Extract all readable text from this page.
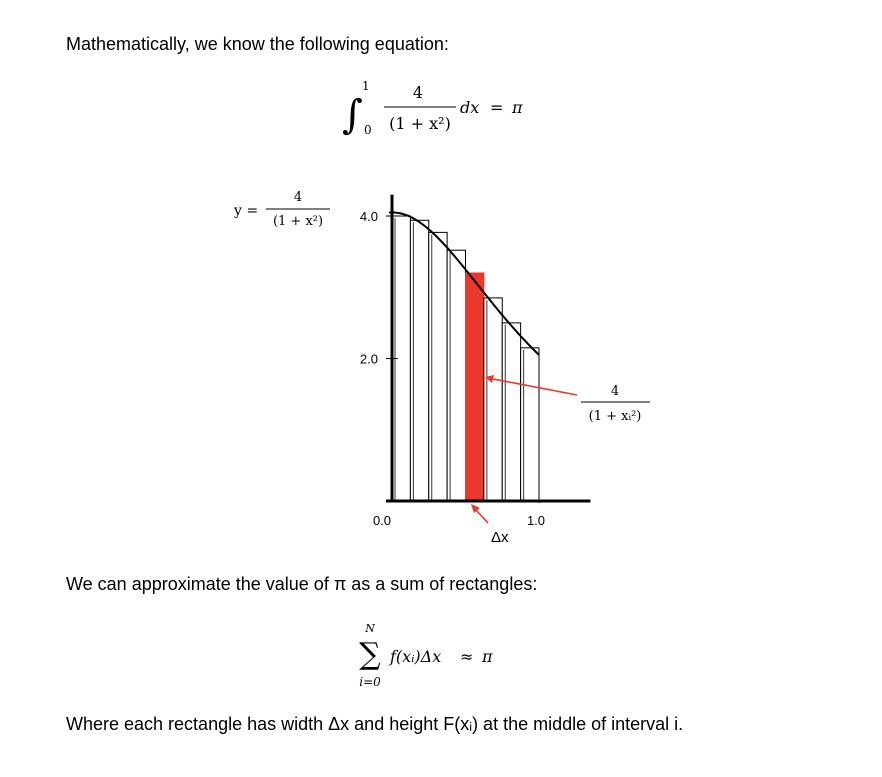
Mathematically, we know the following equation:
∫
1
0
4
(1 + x²)
dx = π
y =
4
(1 + x²)	4.0
2.0
0.0	1.0
Δx
4
(1 + xᵢ²)
We can approximate the value of π as a sum of rectangles:
N
∑
i=0
f(xᵢ)Δx ≈ π
Where each rectangle has width Δx and height F(xᵢ) at the middle of interval i.
